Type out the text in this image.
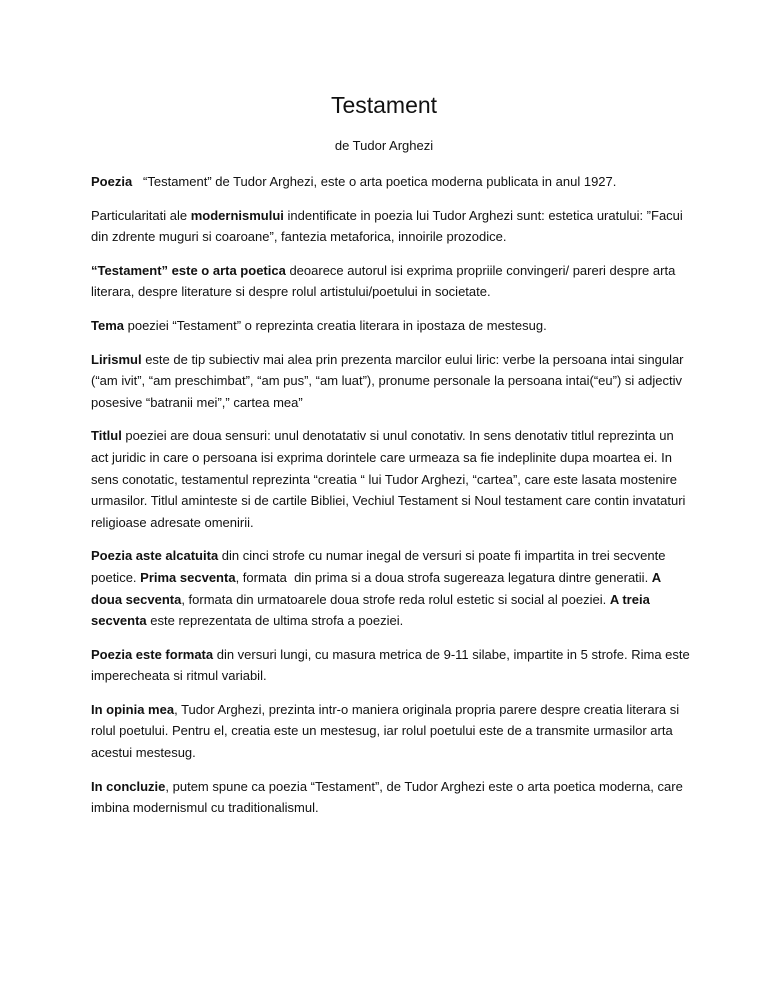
Testament

de Tudor Arghezi

Poezia   “Testament” de Tudor Arghezi, este o arta poetica moderna publicata in anul 1927.

Particularitati ale modernismului indentificate in poezia lui Tudor Arghezi sunt: estetica uratului: ”Facui din zdrente muguri si coaroane”, fantezia metaforica, innoirile prozodice.

“Testament” este o arta poetica deoarece autorul isi exprima propriile convingeri/ pareri despre arta literara, despre literature si despre rolul artistului/poetului in societate.

Tema poeziei “Testament” o reprezinta creatia literara in ipostaza de mestesug.

Lirismul este de tip subiectiv mai alea prin prezenta marcilor eului liric: verbe la persoana intai singular (“am ivit”, “am preschimbat”, “am pus”, “am luat”), pronume personale la persoana intai(“eu”) si adjectiv posesive “batranii mei”,” cartea mea”

Titlul poeziei are doua sensuri: unul denotatativ si unul conotativ. In sens denotativ titlul reprezinta un act juridic in care o persoana isi exprima dorintele care urmeaza sa fie indeplinite dupa moartea ei. In sens conotatic, testamentul reprezinta “creatia “ lui Tudor Arghezi, “cartea”, care este lasata mostenire urmasilor. Titlul aminteste si de cartile Bibliei, Vechiul Testament si Noul testament care contin invataturi religioase adresate omenirii.

Poezia aste alcatuita din cinci strofe cu numar inegal de versuri si poate fi impartita in trei secvente poetice. Prima secventa, formata  din prima si a doua strofa sugereaza legatura dintre generatii. A doua secventa, formata din urmatoarele doua strofe reda rolul estetic si social al poeziei. A treia secventa este reprezentata de ultima strofa a poeziei.

Poezia este formata din versuri lungi, cu masura metrica de 9-11 silabe, impartite in 5 strofe. Rima este imperecheata si ritmul variabil.

In opinia mea, Tudor Arghezi, prezinta intr-o maniera originala propria parere despre creatia literara si rolul poetului. Pentru el, creatia este un mestesug, iar rolul poetului este de a transmite urmasilor arta acestui mestesug.

In concluzie, putem spune ca poezia “Testament”, de Tudor Arghezi este o arta poetica moderna, care imbina modernismul cu traditionalismul.
